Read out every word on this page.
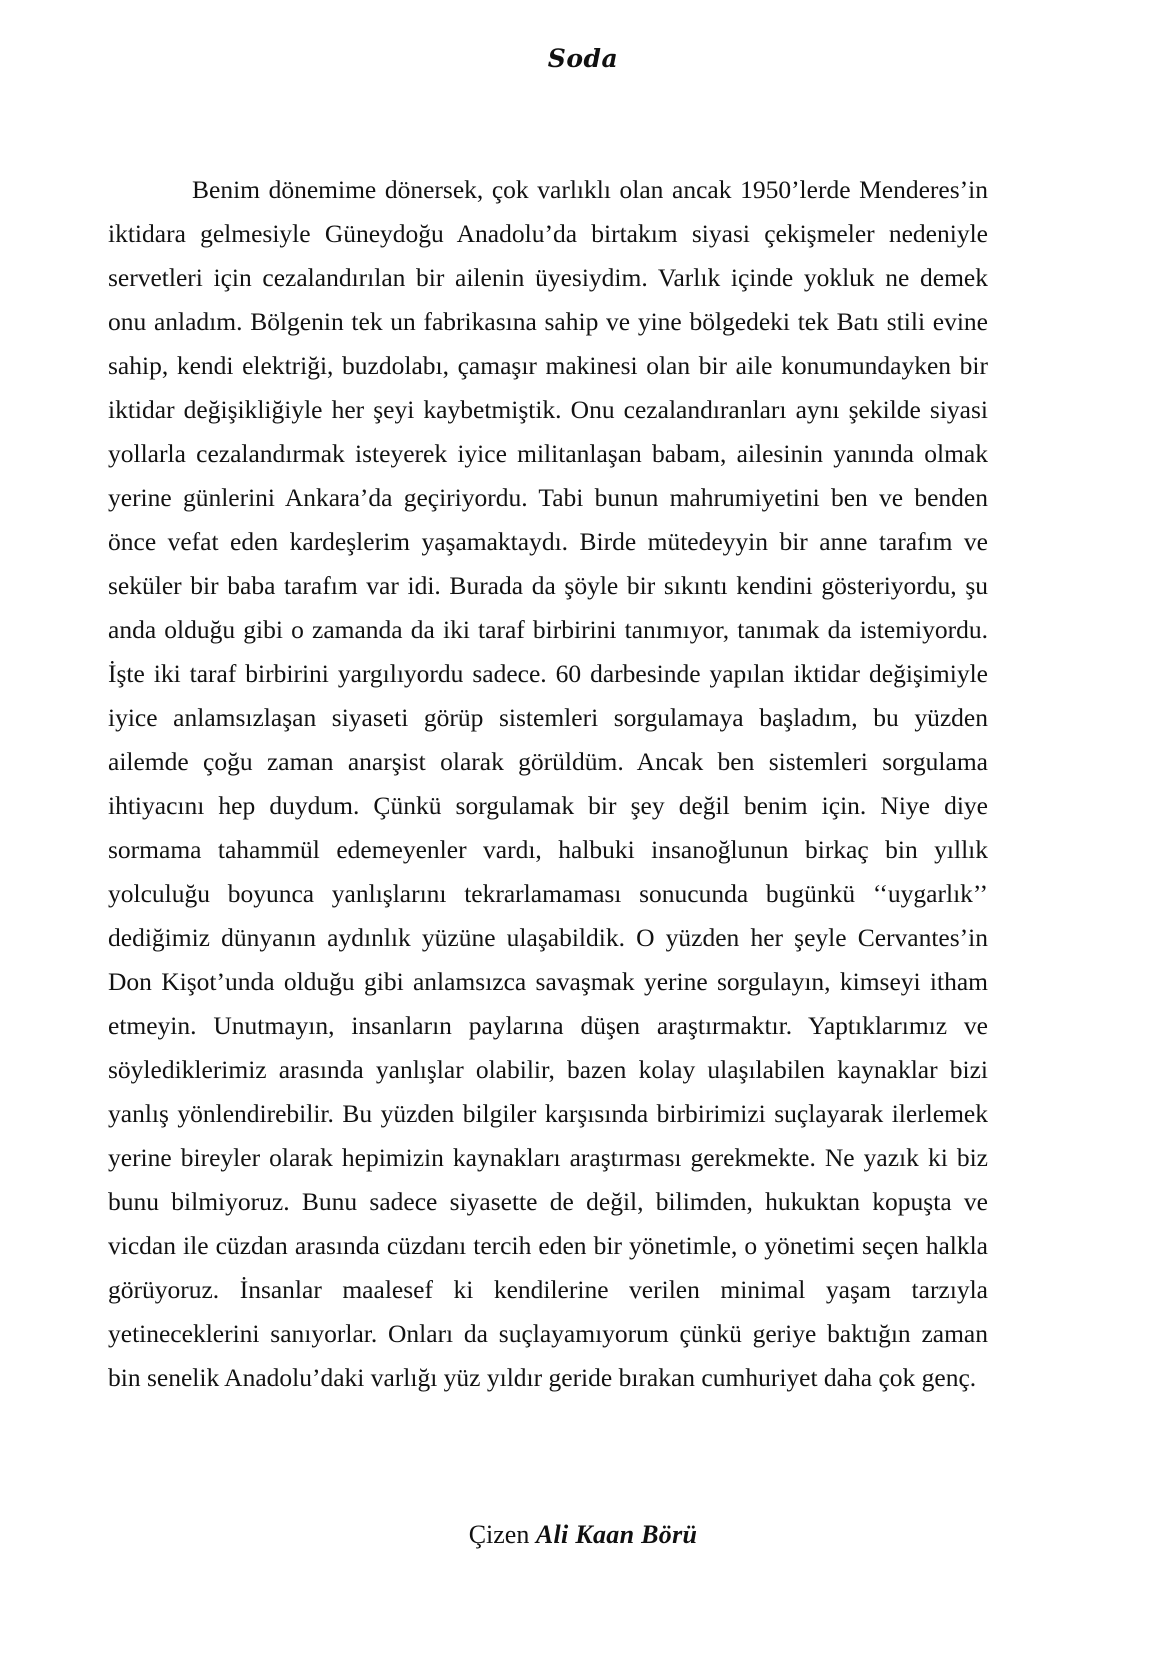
Soda

Benim dönemime dönersek, çok varlıklı olan ancak 1950’lerde Menderes’in iktidara gelmesiyle Güneydoğu Anadolu’da birtakım siyasi çekişmeler nedeniyle servetleri için cezalandırılan bir ailenin üyesiydim. Varlık içinde yokluk ne demek onu anladım. Bölgenin tek un fabrikasına sahip ve yine bölgedeki tek Batı stili evine sahip, kendi elektriği, buzdolabı, çamaşır makinesi olan bir aile konumundayken bir iktidar değişikliğiyle her şeyi kaybetmiştik. Onu cezalandıranları aynı şekilde siyasi yollarla cezalandırmak isteyerek iyice militanlaşan babam, ailesinin yanında olmak yerine günlerini Ankara’da geçiriyordu. Tabi bunun mahrumiyetini ben ve benden önce vefat eden kardeşlerim yaşamaktaydı. Birde mütedeyyin bir anne tarafım ve seküler bir baba tarafım var idi. Burada da şöyle bir sıkıntı kendini gösteriyordu, şu anda olduğu gibi o zamanda da iki taraf birbirini tanımıyor, tanımak da istemiyordu. İşte iki taraf birbirini yargılıyordu sadece. 60 darbesinde yapılan iktidar değişimiyle iyice anlamsızlaşan siyaseti görüp sistemleri sorgulamaya başladım, bu yüzden ailemde çoğu zaman anarşist olarak görüldüm. Ancak ben sistemleri sorgulama ihtiyacını hep duydum. Çünkü sorgulamak bir şey değil benim için. Niye diye sormama tahammül edemeyenler vardı, halbuki insanoğlunun birkaç bin yıllık yolculuğu boyunca yanlışlarını tekrarlamaması sonucunda bugünkü ‘‘uygarlık’’ dediğimiz dünyanın aydınlık yüzüne ulaşabildik. O yüzden her şeyle Cervantes’in Don Kişot’unda olduğu gibi anlamsızca savaşmak yerine sorgulayın, kimseyi itham etmeyin. Unutmayın, insanların paylarına düşen araştırmaktır. Yaptıklarımız ve söylediklerimiz arasında yanlışlar olabilir, bazen kolay ulaşılabilen kaynaklar bizi yanlış yönlendirebilir. Bu yüzden bilgiler karşısında birbirimizi suçlayarak ilerlemek yerine bireyler olarak hepimizin kaynakları araştırması gerekmekte. Ne yazık ki biz bunu bilmiyoruz. Bunu sadece siyasette de değil, bilimden, hukuktan kopuşta ve vicdan ile cüzdan arasında cüzdanı tercih eden bir yönetimle, o yönetimi seçen halkla görüyoruz. İnsanlar maalesef ki kendilerine verilen minimal yaşam tarzıyla yetineceklerini sanıyorlar. Onları da suçlayamıyorum çünkü geriye baktığın zaman bin senelik Anadolu’daki varlığı yüz yıldır geride bırakan cumhuriyet daha çok genç.

Çizen Ali Kaan Börü
